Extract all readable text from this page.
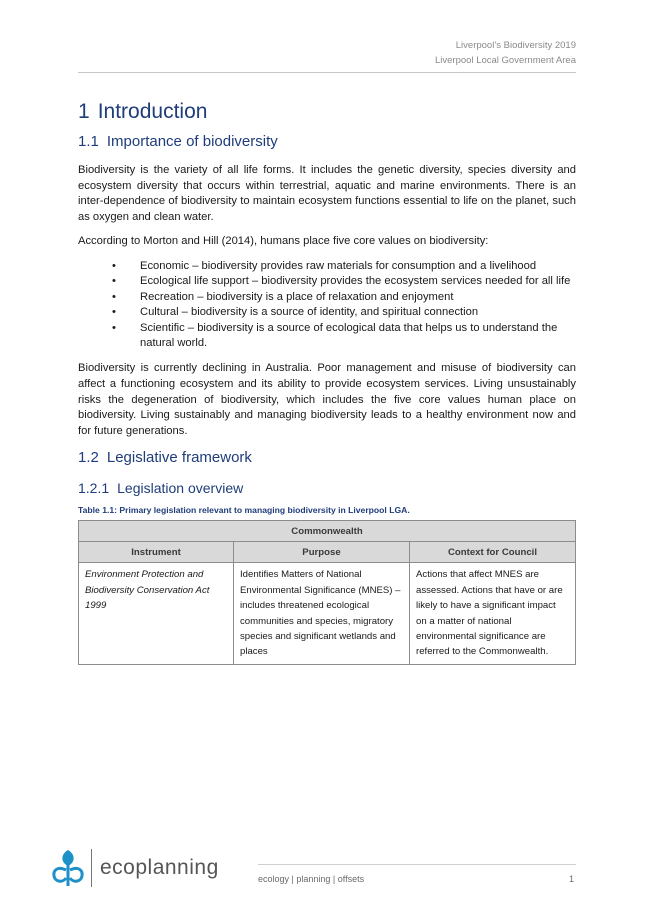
Liverpool’s Biodiversity 2019
Liverpool Local Government Area
1 Introduction
1.1 Importance of biodiversity

Biodiversity is the variety of all life forms. It includes the genetic diversity, species diversity and ecosystem diversity that occurs within terrestrial, aquatic and marine environments. There is an inter-dependence of biodiversity to maintain ecosystem functions essential to life on the planet, such as oxygen and clean water.

According to Morton and Hill (2014), humans place five core values on biodiversity:

• Economic – biodiversity provides raw materials for consumption and a livelihood
• Ecological life support – biodiversity provides the ecosystem services needed for all life
• Recreation – biodiversity is a place of relaxation and enjoyment
• Cultural – biodiversity is a source of identity, and spiritual connection
• Scientific – biodiversity is a source of ecological data that helps us to understand the natural world.

Biodiversity is currently declining in Australia. Poor management and misuse of biodiversity can affect a functioning ecosystem and its ability to provide ecosystem services. Living unsustainably risks the degeneration of biodiversity, which includes the five core values human place on biodiversity. Living sustainably and managing biodiversity leads to a healthy environment now and for future generations.

1.2 Legislative framework
1.2.1 Legislation overview
Table 1.1: Primary legislation relevant to managing biodiversity in Liverpool LGA.
Commonwealth		
Instrument	Purpose	Context for Council
Environment Protection and Biodiversity Conservation Act 1999	Identifies Matters of National Environmental Significance (MNES) – includes threatened ecological communities and species, migratory species and significant wetlands and places	Actions that affect MNES are assessed. Actions that have or are likely to have a significant impact on a matter of national environmental significance are referred to the Commonwealth.
ecoplanning	ecology | planning | offsets	1
